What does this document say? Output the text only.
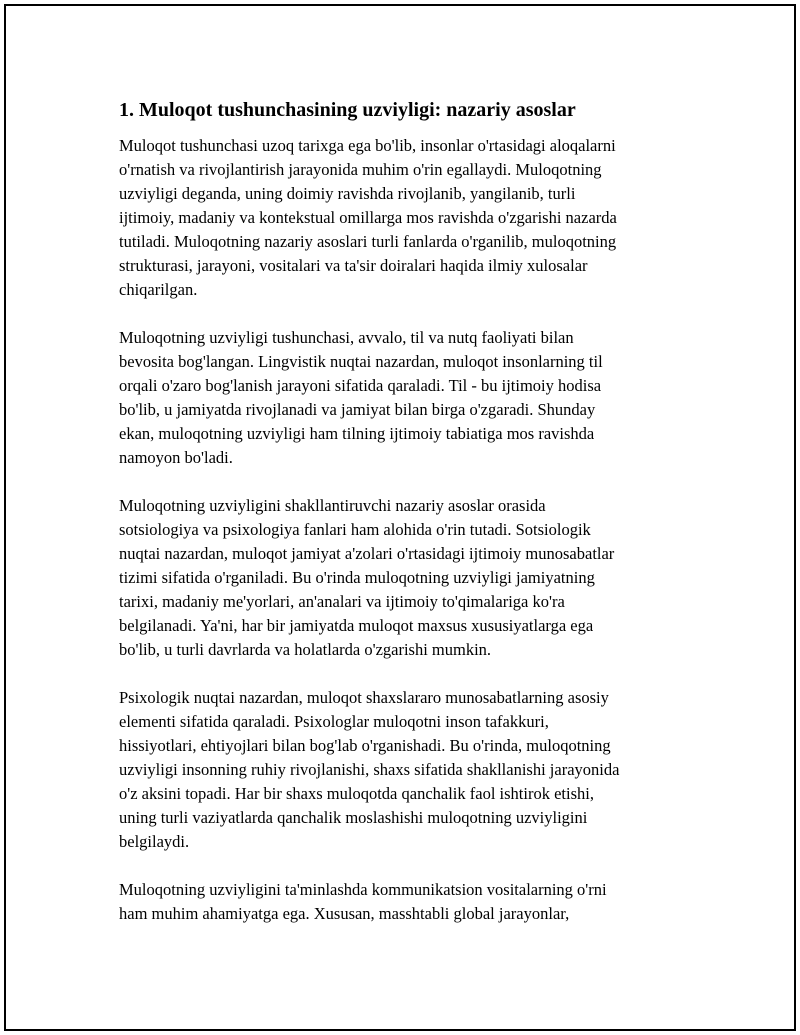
1. Muloqot tushunchasining uzviyligi: nazariy asoslar
Muloqot tushunchasi uzoq tarixga ega bo'lib, insonlar o'rtasidagi aloqalarni
o'rnatish va rivojlantirish jarayonida muhim o'rin egallaydi. Muloqotning
uzviyligi deganda, uning doimiy ravishda rivojlanib, yangilanib, turli
ijtimoiy, madaniy va kontekstual omillarga mos ravishda o'zgarishi nazarda
tutiladi. Muloqotning nazariy asoslari turli fanlarda o'rganilib, muloqotning
strukturasi, jarayoni, vositalari va ta'sir doiralari haqida ilmiy xulosalar
chiqarilgan.
Muloqotning uzviyligi tushunchasi, avvalo, til va nutq faoliyati bilan
bevosita bog'langan. Lingvistik nuqtai nazardan, muloqot insonlarning til
orqali o'zaro bog'lanish jarayoni sifatida qaraladi. Til - bu ijtimoiy hodisa
bo'lib, u jamiyatda rivojlanadi va jamiyat bilan birga o'zgaradi. Shunday
ekan, muloqotning uzviyligi ham tilning ijtimoiy tabiatiga mos ravishda
namoyon bo'ladi.
Muloqotning uzviyligini shakllantiruvchi nazariy asoslar orasida
sotsiologiya va psixologiya fanlari ham alohida o'rin tutadi. Sotsiologik
nuqtai nazardan, muloqot jamiyat a'zolari o'rtasidagi ijtimoiy munosabatlar
tizimi sifatida o'rganiladi. Bu o'rinda muloqotning uzviyligi jamiyatning
tarixi, madaniy me'yorlari, an'analari va ijtimoiy to'qimalariga ko'ra
belgilanadi. Ya'ni, har bir jamiyatda muloqot maxsus xususiyatlarga ega
bo'lib, u turli davrlarda va holatlarda o'zgarishi mumkin.
Psixologik nuqtai nazardan, muloqot shaxslararo munosabatlarning asosiy
elementi sifatida qaraladi. Psixologlar muloqotni inson tafakkuri,
hissiyotlari, ehtiyojlari bilan bog'lab o'rganishadi. Bu o'rinda, muloqotning
uzviyligi insonning ruhiy rivojlanishi, shaxs sifatida shakllanishi jarayonida
o'z aksini topadi. Har bir shaxs muloqotda qanchalik faol ishtirok etishi,
uning turli vaziyatlarda qanchalik moslashishi muloqotning uzviyligini
belgilaydi.
Muloqotning uzviyligini ta'minlashda kommunikatsion vositalarning o'rni
ham muhim ahamiyatga ega. Xususan, masshtabli global jarayonlar,
